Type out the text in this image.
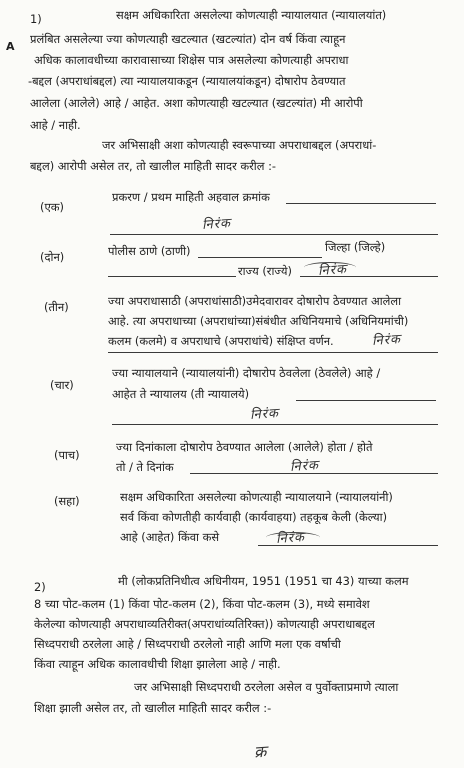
1)	सक्षम अधिकारिता असलेल्या कोणत्याही न्यायालयात (न्यायालयांत)
प्रलंबित असलेल्या ज्या कोणत्याही खटल्यात (खटल्यांत) दोन वर्ष किंवा त्याहून
अधिक कालावधीच्या कारावासाच्या शिक्षेस पात्र असलेल्या कोणत्याही अपराधा
-बद्दल (अपराधांबद्दल) त्या न्यायालयाकडून (न्यायालयांकडून) दोषारोप ठेवण्यात
आलेला (आलेले) आहे / आहेत. अशा कोणत्याही खटल्यात (खटल्यांत) मी आरोपी
आहे / नाही.
A
जर अभिसाक्षी अशा कोणत्याही स्वरूपाच्या अपराधाबद्दल (अपराधां-
बद्दल) आरोपी असेल तर, तो खालील माहिती सादर करील :-
(एक)
प्रकरण / प्रथम माहिती अहवाल क्रमांक
निरंक
(दोन)	पोलीस ठाणे (ठाणी)	जिल्हा (जिल्हे)
राज्य (राज्ये) निरंक
(तीन)	ज्या अपराधासाठी (अपराधांसाठी)उमेदवारावर दोषारोप ठेवण्यात आलेला
आहे. त्या अपराधाच्या (अपराधांच्या)संबंधीत अधिनियमाचे (अधिनियमांची)
कलम (कलमे) व अपराधाचे (अपराधांचे) संक्षिप्त वर्णन.	निरंक
(चार)
ज्या न्यायालयाने (न्यायालयांनी) दोषारोप ठेवलेला (ठेवलेले) आहे /
आहेत ते न्यायालय (ती न्यायालये)
निरंक
(पाच)
ज्या दिनांकाला दोषारोप ठेवण्यात आलेला (आलेले) होता / होते
तो / ते दिनांक	निरंक
(सहा)	सक्षम अधिकारिता असलेल्या कोणत्याही न्यायालयाने (न्यायालयांनी)
सर्व किंवा कोणतीही कार्यवाही (कार्यवाहया) तहकूब केली (केल्या)
आहे (आहेत) किंवा कसे	निरंक
2)	मी (लोकप्रतिनिधीत्व अधिनीयम, 1951 (1951 चा 43) याच्या कलम
8 च्या पोट-कलम (1) किंवा पोट-कलम (2), किंवा पोट-कलम (3), मध्ये समावेश
केलेल्या कोणत्याही अपराधाव्यतिरीक्त(अपराधांव्यतिरिक्त)) कोणत्याही अपराधाबद्दल
सिध्दपराधी ठरलेला आहे / सिध्दपराधी ठरलेलो नाही आणि मला एक वर्षाची
किंवा त्याहून अधिक कालावधीची शिक्षा झालेला आहे / नाही.
जर अभिसाक्षी सिध्दपराधी ठरलेला असेल व पुर्वोक्ताप्रमाणे त्याला
शिक्षा झाली असेल तर, तो खालील माहिती सादर करील :-
क्र
